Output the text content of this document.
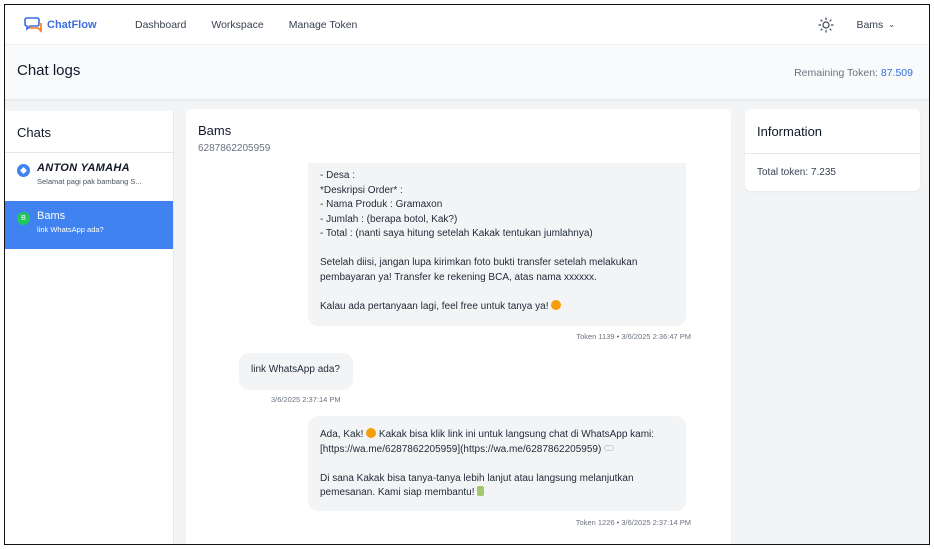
ChatFlow	Dashboard Workspace Manage Token	Bams ⌄
Chat logs	Remaining Token: 87.509
Chats
ANTON YAMAHA
Selamat pagi pak bambang S...
B	Bams
link WhatsApp ada?
Bams
6287862205959
- Desa :
*Deskripsi Order* :
- Nama Produk : Gramaxon
- Jumlah : (berapa botol, Kak?)
- Total : (nanti saya hitung setelah Kakak tentukan jumlahnya)
Setelah diisi, jangan lupa kirimkan foto bukti transfer setelah melakukan
pembayaran ya! Transfer ke rekening BCA, atas nama xxxxxx.
Kalau ada pertanyaan lagi, feel free untuk tanya ya!
Token 1139 • 3/6/2025 2:36:47 PM
link WhatsApp ada?
3/6/2025 2:37:14 PM
Ada, Kak! Kakak bisa klik link ini untuk langsung chat di WhatsApp kami:
[https://wa.me/6287862205959](https://wa.me/6287862205959)
Di sana Kakak bisa tanya-tanya lebih lanjut atau langsung melanjutkan
pemesanan. Kami siap membantu!
Token 1226 • 3/6/2025 2:37:14 PM
Information
Total token: 7.235
